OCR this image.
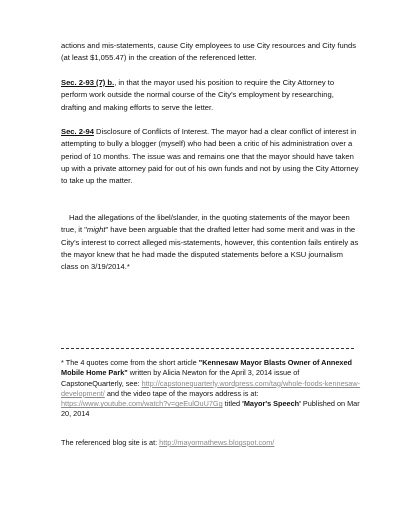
actions and mis-statements, cause City employees to use City resources and City funds (at least $1,055.47) in the creation of the referenced letter.
Sec. 2-93 (7) b., in that the mayor used his position to require the City Attorney to perform work outside the normal course of the City's employment by researching, drafting and making efforts to serve the letter.
Sec. 2-94 Disclosure of Conflicts of Interest. The mayor had a clear conflict of interest in attempting to bully a blogger (myself) who had been a critic of his administration over a period of 10 months. The issue was and remains one that the mayor should have taken up with a private attorney paid for out of his own funds and not by using the City Attorney to take up the matter.
Had the allegations of the libel/slander, in the quoting statements of the mayor been true, it "might" have been arguable that the drafted letter had some merit and was in the City's interest to correct alleged mis-statements, however, this contention fails entirely as the mayor knew that he had made the disputed statements before a KSU journalism class on 3/19/2014.*
* The 4 quotes come from the short article "Kennesaw Mayor Blasts Owner of Annexed Mobile Home Park" written by Alicia Newton for the April 3, 2014 issue of CapstoneQuarterly, see: http://capstonequarterly.wordpress.com/tag/whole-foods-kennesaw-development/ and the video tape of the mayors address is at: https://www.youtube.com/watch?v=geEulOuU7Gg titled 'Mayor's Speech' Published on Mar 20, 2014
The referenced blog site is at: http://mayormathews.blogspot.com/
